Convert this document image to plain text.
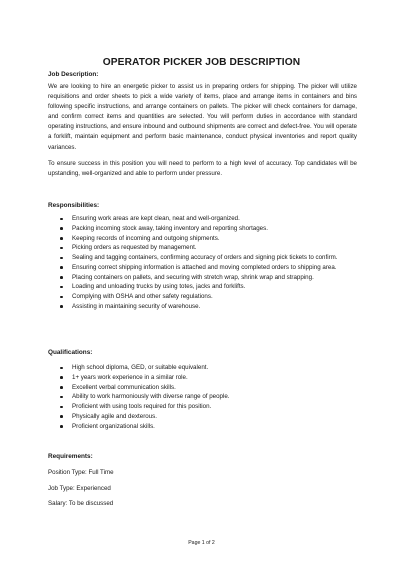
OPERATOR PICKER JOB DESCRIPTION
Job Description:

We are looking to hire an energetic picker to assist us in preparing orders for shipping. The picker will utilize requisitions and order sheets to pick a wide variety of items, place and arrange items in containers and bins following specific instructions, and arrange containers on pallets. The picker will check containers for damage, and confirm correct items and quantities are selected. You will perform duties in accordance with standard operating instructions, and ensure inbound and outbound shipments are correct and defect-free. You will operate a forklift, maintain equipment and perform basic maintenance, conduct physical inventories and report quality variances.

To ensure success in this position you will need to perform to a high level of accuracy. Top candidates will be upstanding, well-organized and able to perform under pressure.

Responsibilities:
Ensuring work areas are kept clean, neat and well-organized.
Packing incoming stock away, taking inventory and reporting shortages.
Keeping records of incoming and outgoing shipments.
Picking orders as requested by management.
Sealing and tagging containers, confirming accuracy of orders and signing pick tickets to confirm.
Ensuring correct shipping information is attached and moving completed orders to shipping area.
Placing containers on pallets, and securing with stretch wrap, shrink wrap and strapping.
Loading and unloading trucks by using totes, jacks and forklifts.
Complying with OSHA and other safety regulations.
Assisting in maintaining security of warehouse.
Qualifications:
High school diploma, GED, or suitable equivalent.
1+ years work experience in a similar role.
Excellent verbal communication skills.
Ability to work harmoniously with diverse range of people.
Proficient with using tools required for this position.
Physically agile and dexterous.
Proficient organizational skills.
Requirements:
Position Type: Full Time
Job Type: Experienced
Salary: To be discussed
Page 1 of 2
